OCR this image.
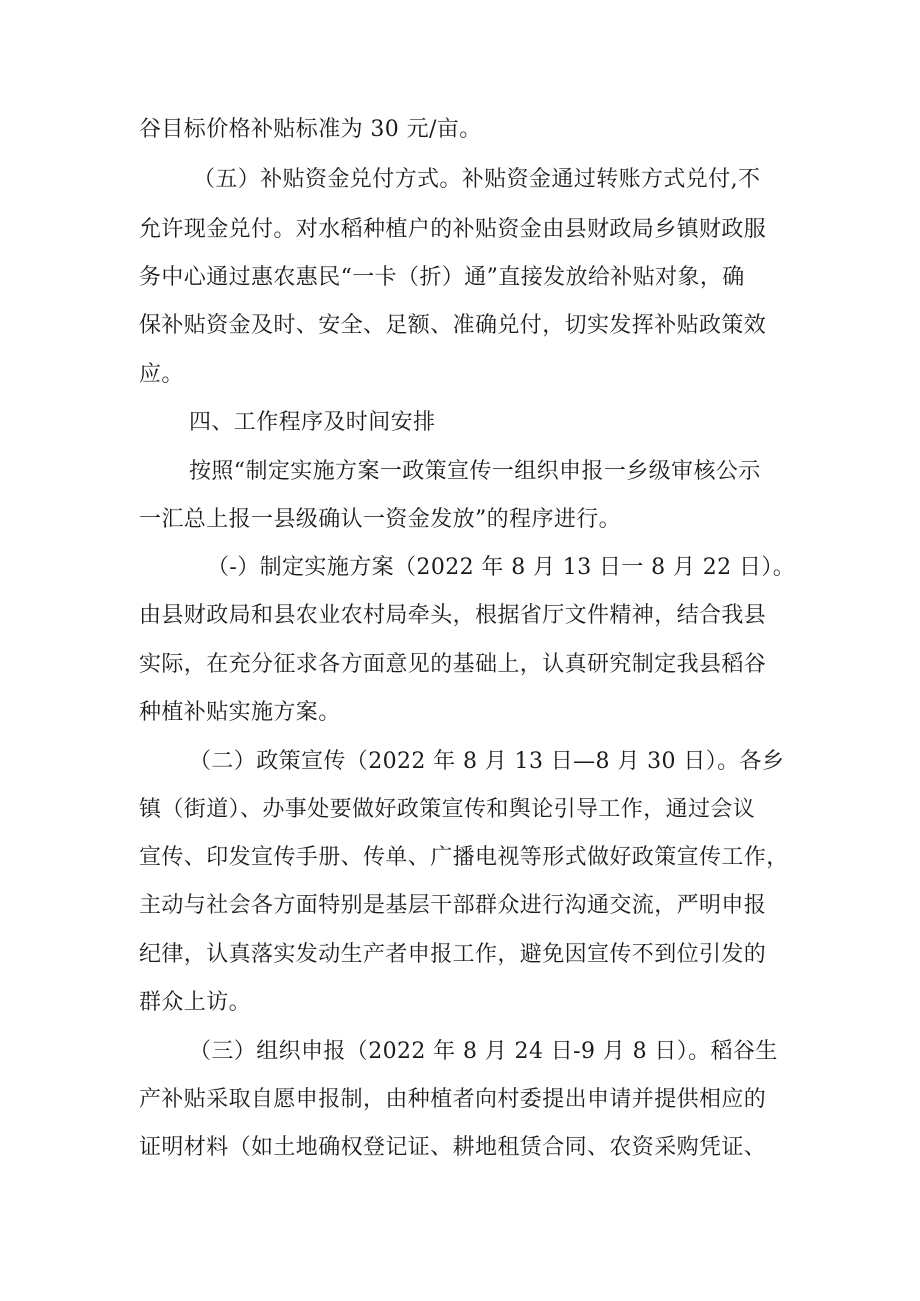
谷目标价格补贴标准为 30 元/亩。
（五）补贴资金兑付方式。补贴资金通过转账方式兑付,不
允许现金兑付。对水稻种植户的补贴资金由县财政局乡镇财政服
务中心通过惠农惠民“一卡（折）通”直接发放给补贴对象，确
保补贴资金及时、安全、足额、准确兑付，切实发挥补贴政策效
应。
四、工作程序及时间安排
按照“制定实施方案一政策宣传一组织申报一乡级审核公示
一汇总上报一县级确认一资金发放”的程序进行。
（-）制定实施方案（2022 年 8 月 13 日一 8 月 22 日）。
由县财政局和县农业农村局牵头，根据省厅文件精神，结合我县
实际，在充分征求各方面意见的基础上，认真研究制定我县稻谷
种植补贴实施方案。
（二）政策宣传（2022 年 8 月 13 日—8 月 30 日）。各乡
镇（街道）、办事处要做好政策宣传和舆论引导工作，通过会议
宣传、印发宣传手册、传单、广播电视等形式做好政策宣传工作，
主动与社会各方面特别是基层干部群众进行沟通交流，严明申报
纪律，认真落实发动生产者申报工作，避免因宣传不到位引发的
群众上访。
（三）组织申报（2022 年 8 月 24 日-9 月 8 日）。稻谷生
产补贴采取自愿申报制，由种植者向村委提出申请并提供相应的
证明材料（如土地确权登记证、耕地租赁合同、农资采购凭证、
